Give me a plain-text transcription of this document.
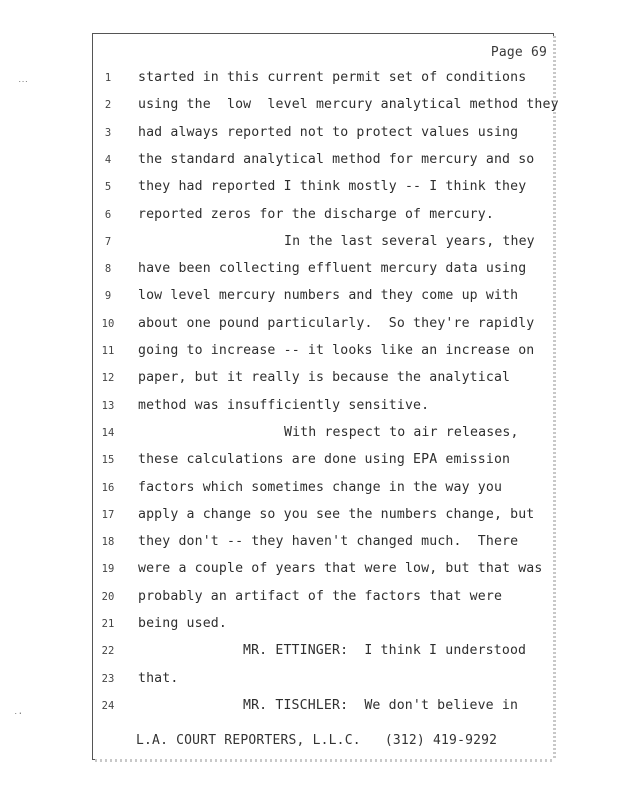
․․․
․.
Page 69
1	started in this current permit set of conditions
2	using the  low  level mercury analytical method they
3	had always reported not to protect values using
4	the standard analytical method for mercury and so
5	they had reported I think mostly -- I think they
6	reported zeros for the discharge of mercury.
7	In the last several years, they
8	have been collecting effluent mercury data using
9	low level mercury numbers and they come up with
10	about one pound particularly.  So they're rapidly
11	going to increase -- it looks like an increase on
12	paper, but it really is because the analytical
13	method was insufficiently sensitive.
14	With respect to air releases,
15	these calculations are done using EPA emission
16	factors which sometimes change in the way you
17	apply a change so you see the numbers change, but
18	they don't -- they haven't changed much.  There
19	were a couple of years that were low, but that was
20	probably an artifact of the factors that were
21	being used.
22	MR. ETTINGER:  I think I understood
23	that.
24	MR. TISCHLER:  We don't believe in
L.A. COURT REPORTERS, L.L.C.   (312) 419-9292
